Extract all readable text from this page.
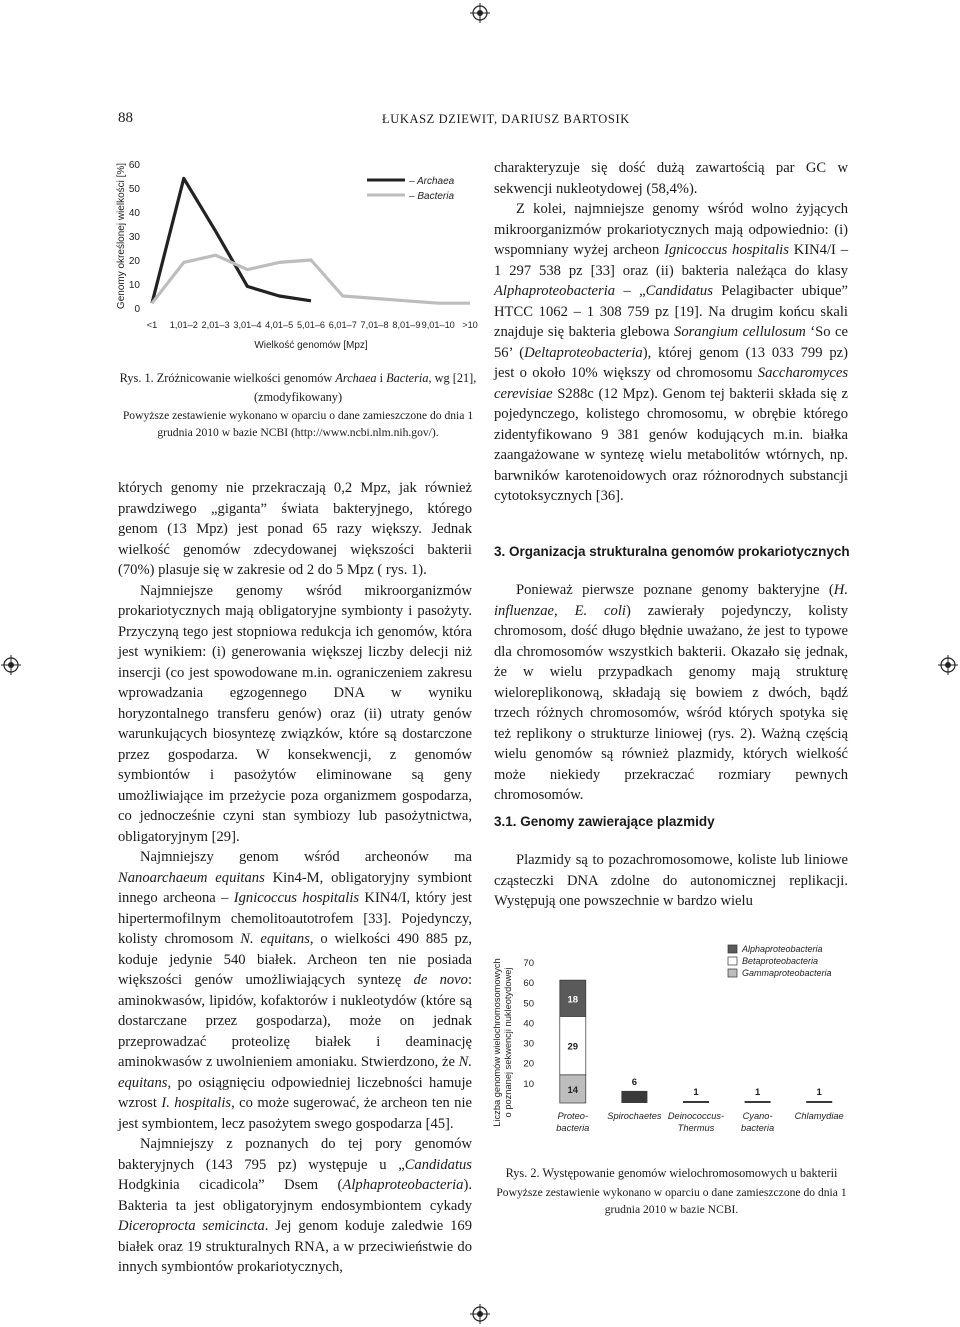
88	ŁUKASZ DZIEWIT, DARIUSZ BARTOSIK
0
10
20
30
40
50
60
Genomy określonej wielkości [%]
<1 1,01–2 2,01–3 3,01–4 4,01–5 5,01–6 6,01–7 7,01–8 8,01–9 9,01–10 >10
Wielkość genomów [Mpz]
– Archaea
– Bacteria
Rys. 1. Zróżnicowanie wielkości genomów Archaea i Bacteria, wg [21], (zmodyfikowany)
Powyższe zestawienie wykonano w oparciu o dane zamieszczone do dnia 1 grudnia 2010 w bazie NCBI (http://www.ncbi.nlm.nih.gov/).

których genomy nie przekraczają 0,2 Mpz, jak również prawdziwego „giganta” świata bakteryjnego, którego genom (13 Mpz) jest ponad 65 razy większy. Jednak wielkość genomów zdecydowanej większości bakterii (70%) plasuje się w zakresie od 2 do 5 Mpz ( rys. 1).

Najmniejsze genomy wśród mikroorganizmów prokariotycznych mają obligatoryjne symbionty i pasożyty. Przyczyną tego jest stopniowa redukcja ich genomów, która jest wynikiem: (i) generowania większej liczby delecji niż insercji (co jest spowodowane m.in. ograniczeniem zakresu wprowadzania egzogennego DNA w wyniku horyzontalnego transferu genów) oraz (ii) utraty genów warunkujących biosyntezę związków, które są dostarczone przez gospodarza. W konsekwencji, z genomów symbiontów i pasożytów eliminowane są geny umożliwiające im przeżycie poza organizmem gospodarza, co jednocześnie czyni stan symbiozy lub pasożytnictwa, obligatoryjnym [29].

Najmniejszy genom wśród archeonów ma Nanoarchaeum equitans Kin4-M, obligatoryjny symbiont innego archeona – Ignicoccus hospitalis KIN4/I, który jest hipertermofilnym chemolitoautotrofem [33]. Pojedynczy, kolisty chromosom N. equitans, o wielkości 490 885 pz, koduje jedynie 540 białek. Archeon ten nie posiada większości genów umożliwiających syntezę de novo: aminokwasów, lipidów, kofaktorów i nukleotydów (które są dostarczane przez gospodarza), może on jednak przeprowadzać proteolizę białek i deaminację aminokwasów z uwolnieniem amoniaku. Stwierdzono, że N. equitans, po osiągnięciu odpowiedniej liczebności hamuje wzrost I. hospitalis, co może sugerować, że archeon ten nie jest symbiontem, lecz pasożytem swego gospodarza [45].

Najmniejszy z poznanych do tej pory genomów bakteryjnych (143 795 pz) występuje u „Candidatus Hodgkinia cicadicola” Dsem (Alphaproteobacteria). Bakteria ta jest obligatoryjnym endosymbiontem cykady Diceroprocta semicincta. Jej genom koduje zaledwie 169 białek oraz 19 strukturalnych RNA, a w przeciwieństwie do innych symbiontów prokariotycznych,

charakteryzuje się dość dużą zawartością par GC w sekwencji nukleotydowej (58,4%).

Z kolei, najmniejsze genomy wśród wolno żyjących mikroorganizmów prokariotycznych mają odpowiednio: (i) wspomniany wyżej archeon Ignicoccus hospitalis KIN4/I – 1 297 538 pz [33] oraz (ii) bakteria należąca do klasy Alphaproteobacteria – „Candidatus Pelagibacter ubique” HTCC 1062 – 1 308 759 pz [19]. Na drugim końcu skali znajduje się bakteria glebowa Sorangium cellulosum ‘So ce 56’ (Deltaproteobacteria), której genom (13 033 799 pz) jest o około 10% większy od chromosomu Saccharomyces cerevisiae S288c (12 Mpz). Genom tej bakterii składa się z pojedynczego, kolistego chromosomu, w obrębie którego zidentyfikowano 9 381 genów kodujących m.in. białka zaangażowane w syntezę wielu metabolitów wtórnych, np. barwników karotenoidowych oraz różnorodnych substancji cytotoksycznych [36].

3. Organizacja strukturalna genomów prokariotycznych

Ponieważ pierwsze poznane genomy bakteryjne (H. influenzae, E. coli) zawierały pojedynczy, kolisty chromosom, dość długo błędnie uważano, że jest to typowe dla chromosomów wszystkich bakterii. Okazało się jednak, że w wielu przypadkach genomy mają strukturę wieloreplikonową, składają się bowiem z dwóch, bądź trzech różnych chromosomów, wśród których spotyka się też replikony o strukturze liniowej (rys. 2). Ważną częścią wielu genomów są również plazmidy, których wielkość może niekiedy przekraczać rozmiary pewnych chromosomów.

3.1. Genomy zawierające plazmidy

Plazmidy są to pozachromosomowe, koliste lub liniowe cząsteczki DNA zdolne do autonomicznej replikacji. Występują one powszechnie w bardzo wielu

Liczba genomów wielochromosomowych o poznanej sekwencji nukleotydowej 10
20
30
40
50
60
70
14
29
18
Proteo-
bacteria
6
Spirochaetes
1
Deinococcus-
Thermus
1
Cyano-
bacteria
1
Chlamydiae
Alphaproteobacteria
Betaproteobacteria
Gammaproteobacteria
Rys. 2. Występowanie genomów wielochromosomowych u bakterii
Powyższe zestawienie wykonano w oparciu o dane zamieszczone do dnia 1 grudnia 2010 w bazie NCBI.
